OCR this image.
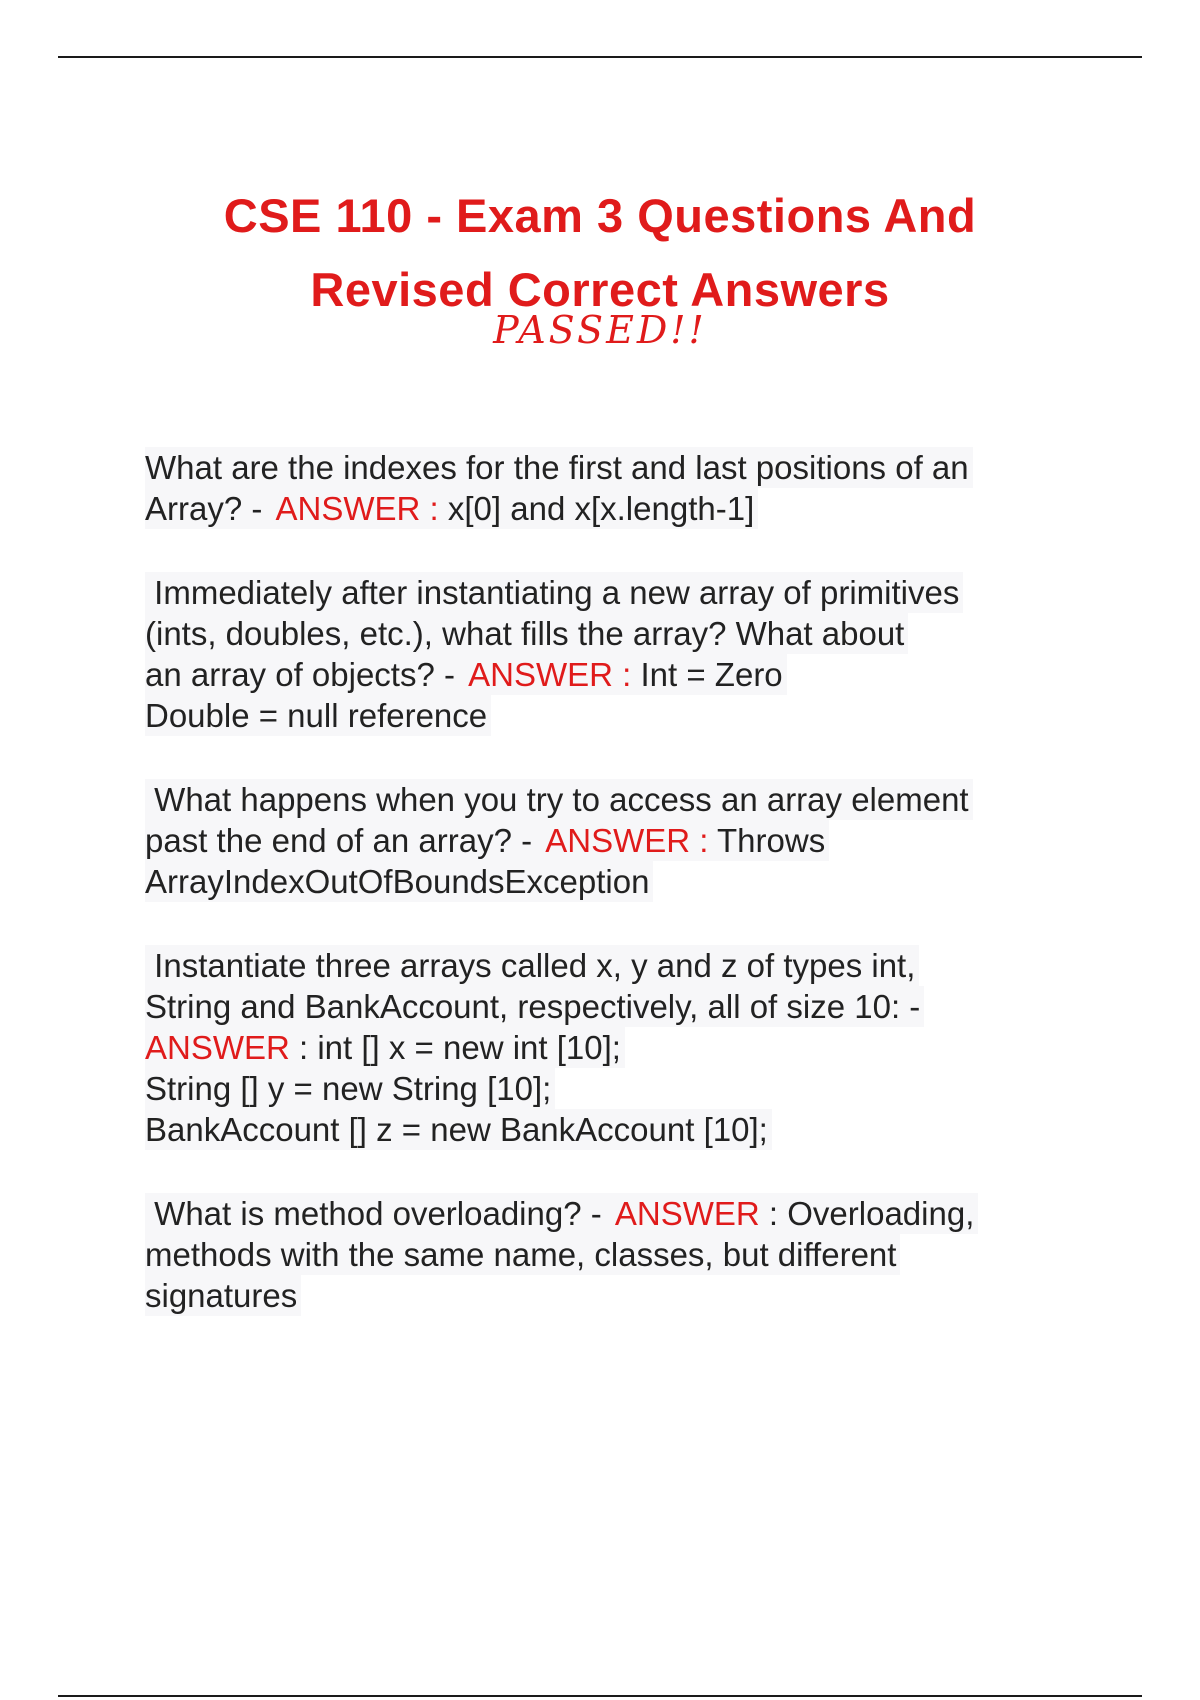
CSE 110 - Exam 3 Questions And
Revised Correct Answers
PASSED!!
What are the indexes for the first and last positions of an
Array? - ANSWER : x[0] and x[x.length-1]

Immediately after instantiating a new array of primitives
(ints, doubles, etc.), what fills the array? What about
an array of objects? - ANSWER : Int = Zero
Double = null reference

What happens when you try to access an array element
past the end of an array? - ANSWER : Throws
ArrayIndexOutOfBoundsException

Instantiate three arrays called x, y and z of types int,
String and BankAccount, respectively, all of size 10: -
ANSWER : int [] x = new int [10];
String [] y = new String [10];
BankAccount [] z = new BankAccount [10];

What is method overloading? - ANSWER : Overloading,
methods with the same name, classes, but different
signatures
